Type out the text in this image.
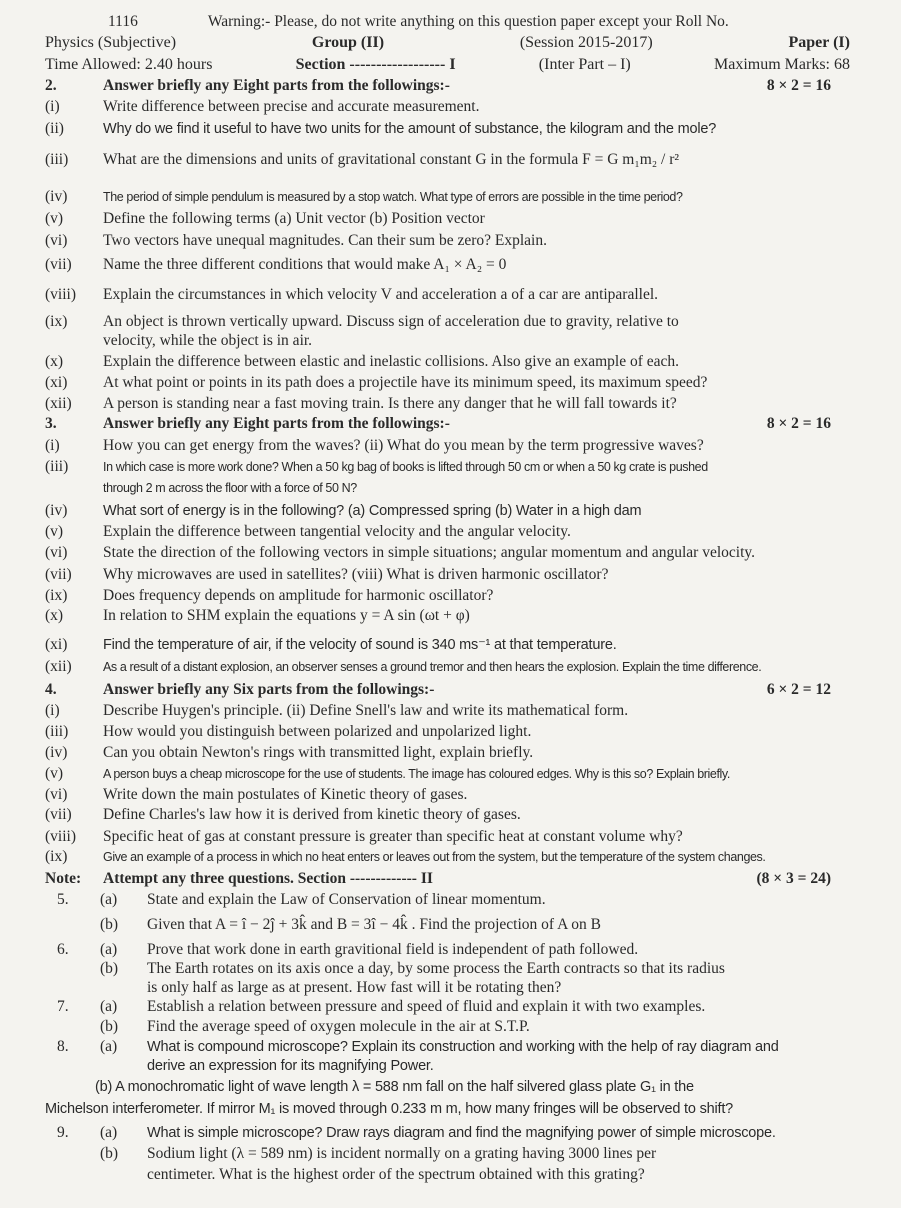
1116	Warning:- Please, do not write anything on this question paper except your Roll No.
Physics (Subjective)	Group (II)	(Session 2015-2017)	Paper (I)
Time Allowed: 2.40 hours	Section ------------------ I	(Inter Part – I)	Maximum Marks: 68
2.	Answer briefly any Eight parts from the followings:-	8 × 2 = 16
(i)	Write difference between precise and accurate measurement.
(ii)	Why do we find it useful to have two units for the amount of substance, the kilogram and the mole?
(iii) What are the dimensions and units of gravitational constant G in the formula F = G m₁m₂ / r²
(iv)	The period of simple pendulum is measured by a stop watch. What type of errors are possible in the time period?
(v)	Define the following terms (a) Unit vector (b) Position vector
(vi) Two vectors have unequal magnitudes. Can their sum be zero? Explain.
(vii) Name the three different conditions that would make A₁ × A₂ = 0
(viii) Explain the circumstances in which velocity V and acceleration a of a car are antiparallel.
(ix) An object is thrown vertically upward. Discuss sign of acceleration due to gravity, relative to
velocity, while the object is in air.
(x)	Explain the difference between elastic and inelastic collisions. Also give an example of each.
(xi) At what point or points in its path does a projectile have its minimum speed, its maximum speed?
(xii) A person is standing near a fast moving train. Is there any danger that he will fall towards it?
3.	Answer briefly any Eight parts from the followings:-	8 × 2 = 16
(i)	How you can get energy from the waves? (ii) What do you mean by the term progressive waves?
(iii)	In which case is more work done? When a 50 kg bag of books is lifted through 50 cm or when a 50 kg crate is pushed
through 2 m across the floor with a force of 50 N?
(iv) What sort of energy is in the following? (a) Compressed spring (b) Water in a high dam
(v)	Explain the difference between tangential velocity and the angular velocity.
(vi) State the direction of the following vectors in simple situations; angular momentum and angular velocity.
(vii) Why microwaves are used in satellites? (viii) What is driven harmonic oscillator?
(ix) Does frequency depends on amplitude for harmonic oscillator?
(x)	In relation to SHM explain the equations y = A sin (ωt + φ)
(xi) Find the temperature of air, if the velocity of sound is 340 ms⁻¹ at that temperature.
(xii)	As a result of a distant explosion, an observer senses a ground tremor and then hears the explosion. Explain the time difference.
4.	Answer briefly any Six parts from the followings:-	6 × 2 = 12
(i)	Describe Huygen's principle. (ii) Define Snell's law and write its mathematical form.
(iii) How would you distinguish between polarized and unpolarized light.
(iv) Can you obtain Newton's rings with transmitted light, explain briefly.
(v)	A person buys a cheap microscope for the use of students. The image has coloured edges. Why is this so? Explain briefly.
(vi) Write down the main postulates of Kinetic theory of gases.
(vii) Define Charles's law how it is derived from kinetic theory of gases.
(viii) Specific heat of gas at constant pressure is greater than specific heat at constant volume why?
(ix)	Give an example of a process in which no heat enters or leaves out from the system, but the temperature of the system changes.
Note: Attempt any three questions. Section ------------- II	(8 × 3 = 24)
5. (a) State and explain the Law of Conservation of linear momentum.
(b) Given that A = î − 2ĵ + 3k̂ and B = 3î − 4k̂ . Find the projection of A on B
6. (a) Prove that work done in earth gravitional field is independent of path followed.
(b) The Earth rotates on its axis once a day, by some process the Earth contracts so that its radius
is only half as large as at present. How fast will it be rotating then?
7. (a) Establish a relation between pressure and speed of fluid and explain it with two examples.
(b) Find the average speed of oxygen molecule in the air at S.T.P.
8. (a) What is compound microscope? Explain its construction and working with the help of ray diagram and
derive an expression for its magnifying Power.
(b) A monochromatic light of wave length λ = 588 nm fall on the half silvered glass plate G₁ in the
Michelson interferometer. If mirror M₁ is moved through 0.233 m m, how many fringes will be observed to shift?
9. (a) What is simple microscope? Draw rays diagram and find the magnifying power of simple microscope.
(b) Sodium light (λ = 589 nm) is incident normally on a grating having 3000 lines per
centimeter. What is the highest order of the spectrum obtained with this grating?
